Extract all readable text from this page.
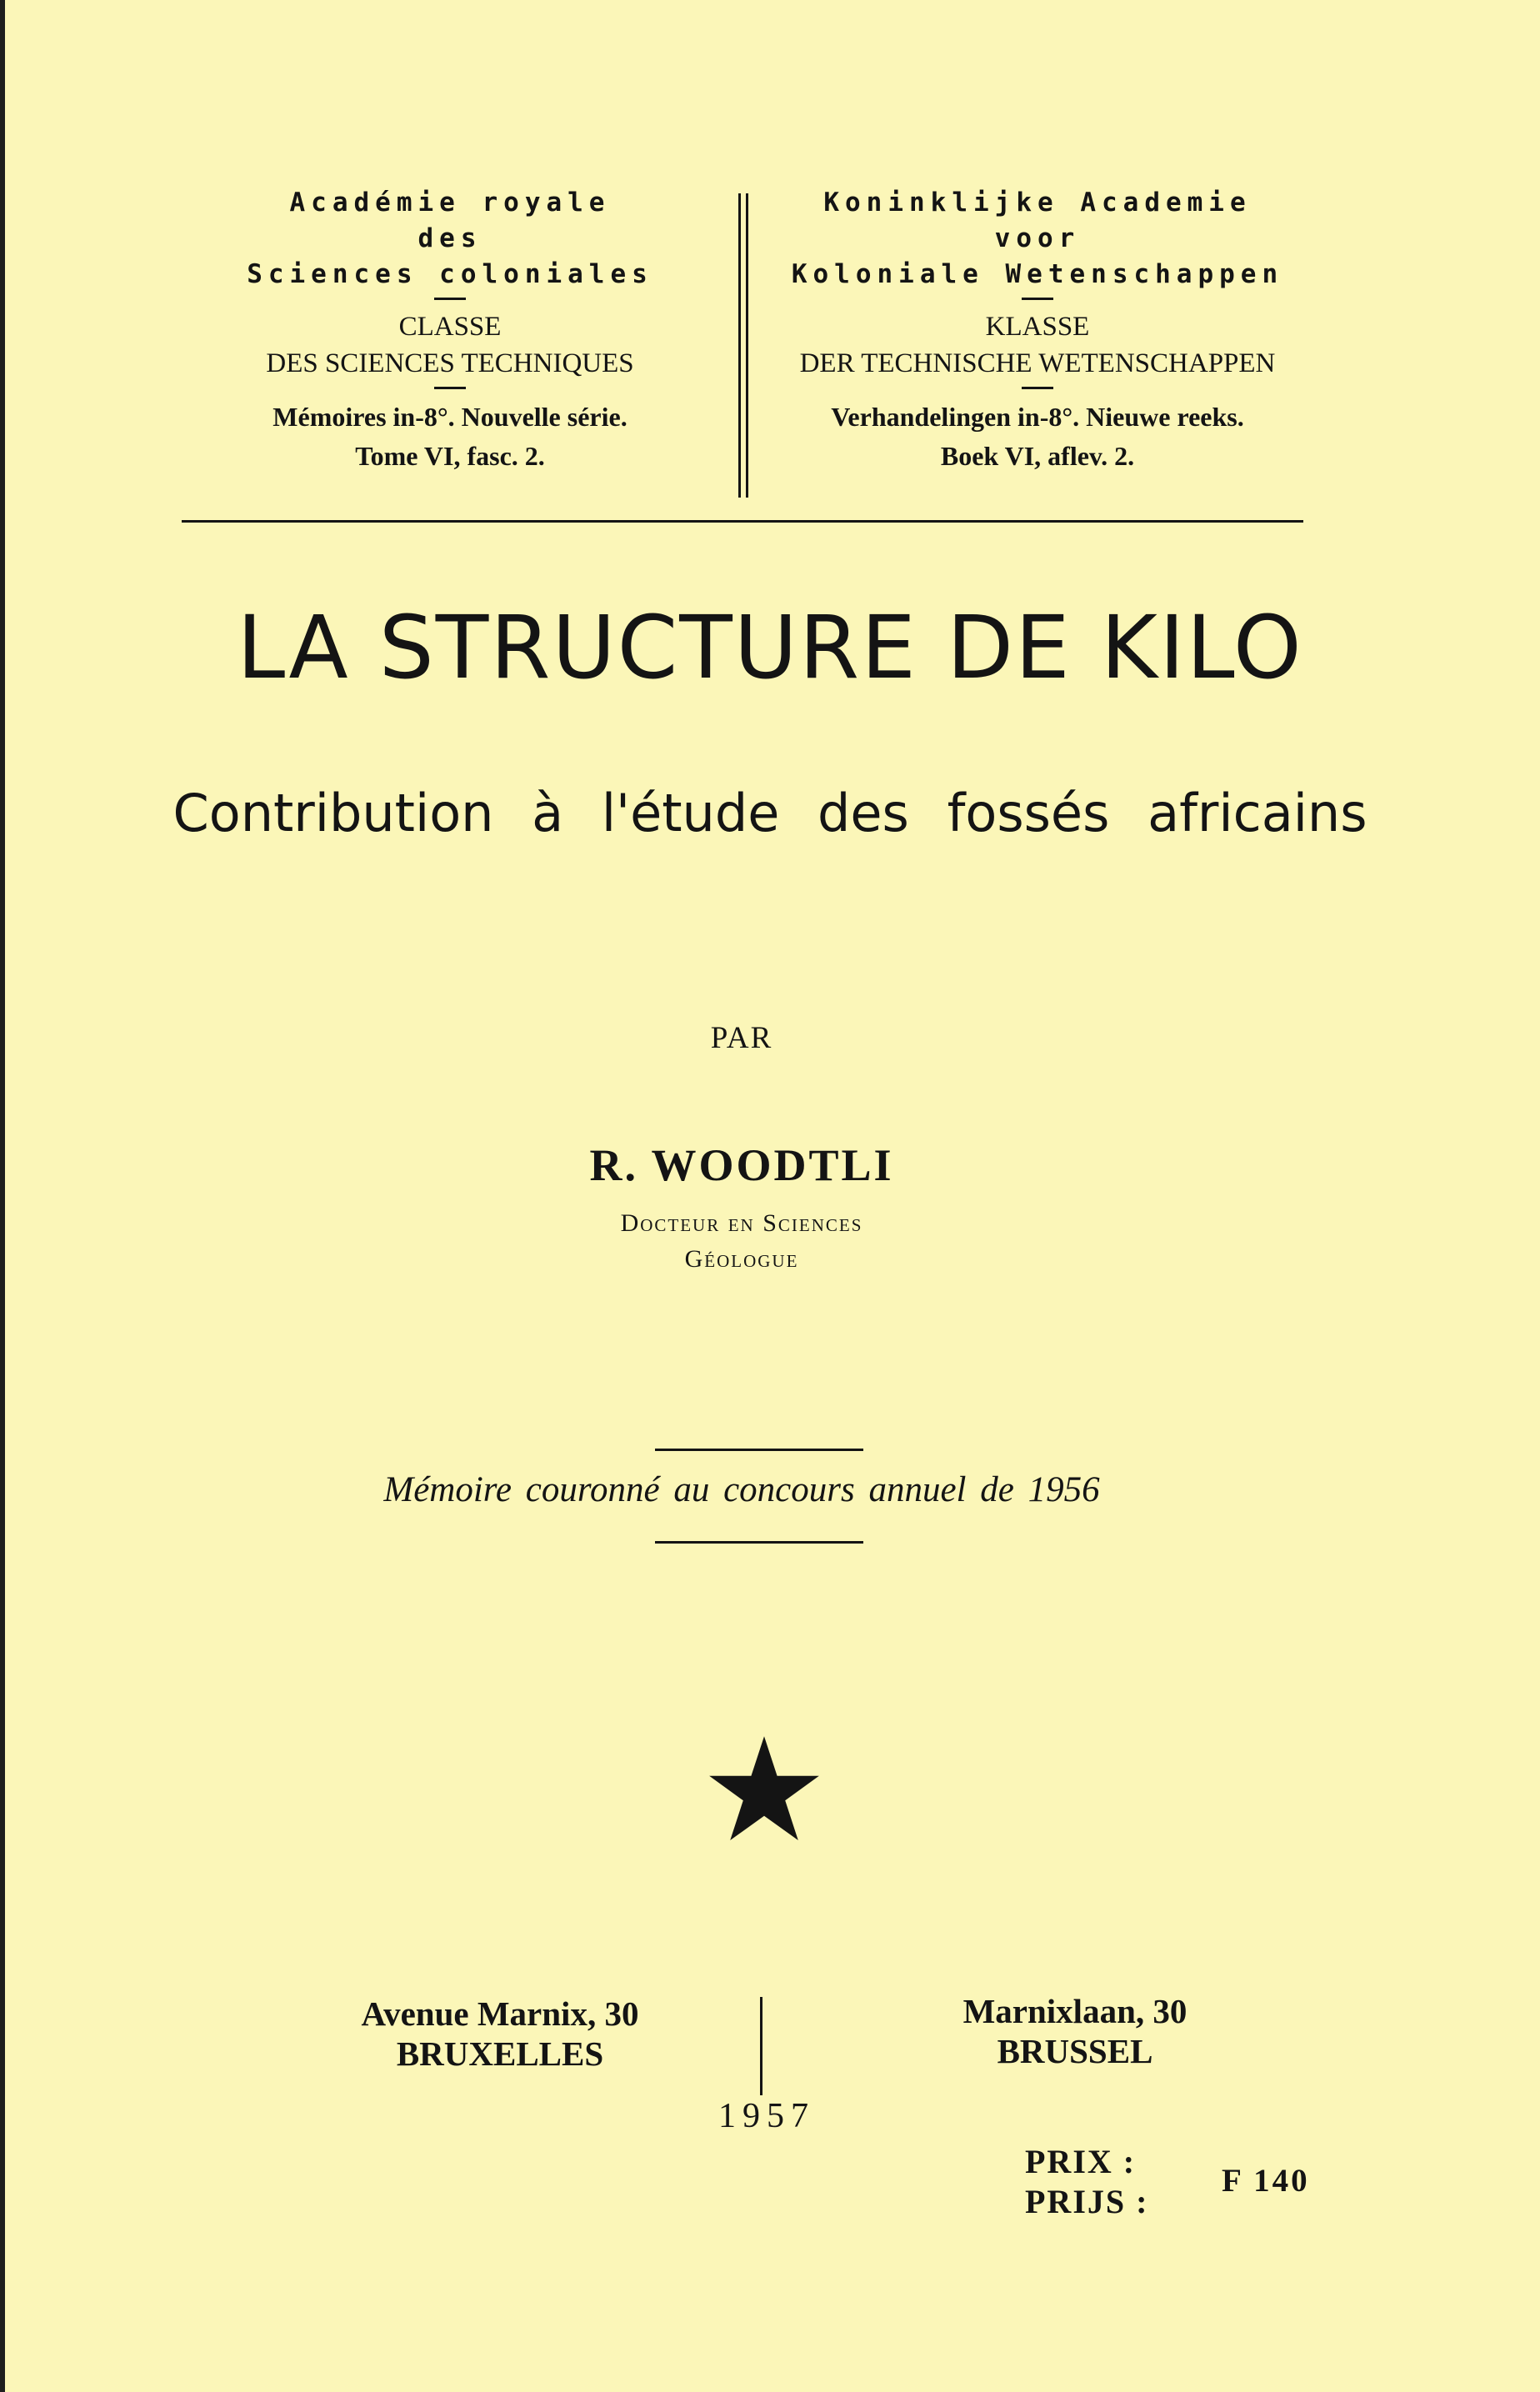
Académie royale
des
Sciences coloniales
CLASSE
DES SCIENCES TECHNIQUES
Mémoires in-8°. Nouvelle série.
Tome VI, fasc. 2.
Koninklijke Academie
voor
Koloniale Wetenschappen
KLASSE
DER TECHNISCHE WETENSCHAPPEN
Verhandelingen in-8°. Nieuwe reeks.
Boek VI, aflev. 2.
LA STRUCTURE DE KILO
Contribution à l'étude des fossés africains
PAR
R. WOODTLI
Docteur en Sciences
Géologue
Mémoire couronné au concours annuel de 1956
Avenue Marnix, 30
BRUXELLES
Marnixlaan, 30
BRUSSEL
1957
PRIX :
PRIJS :
F 140
